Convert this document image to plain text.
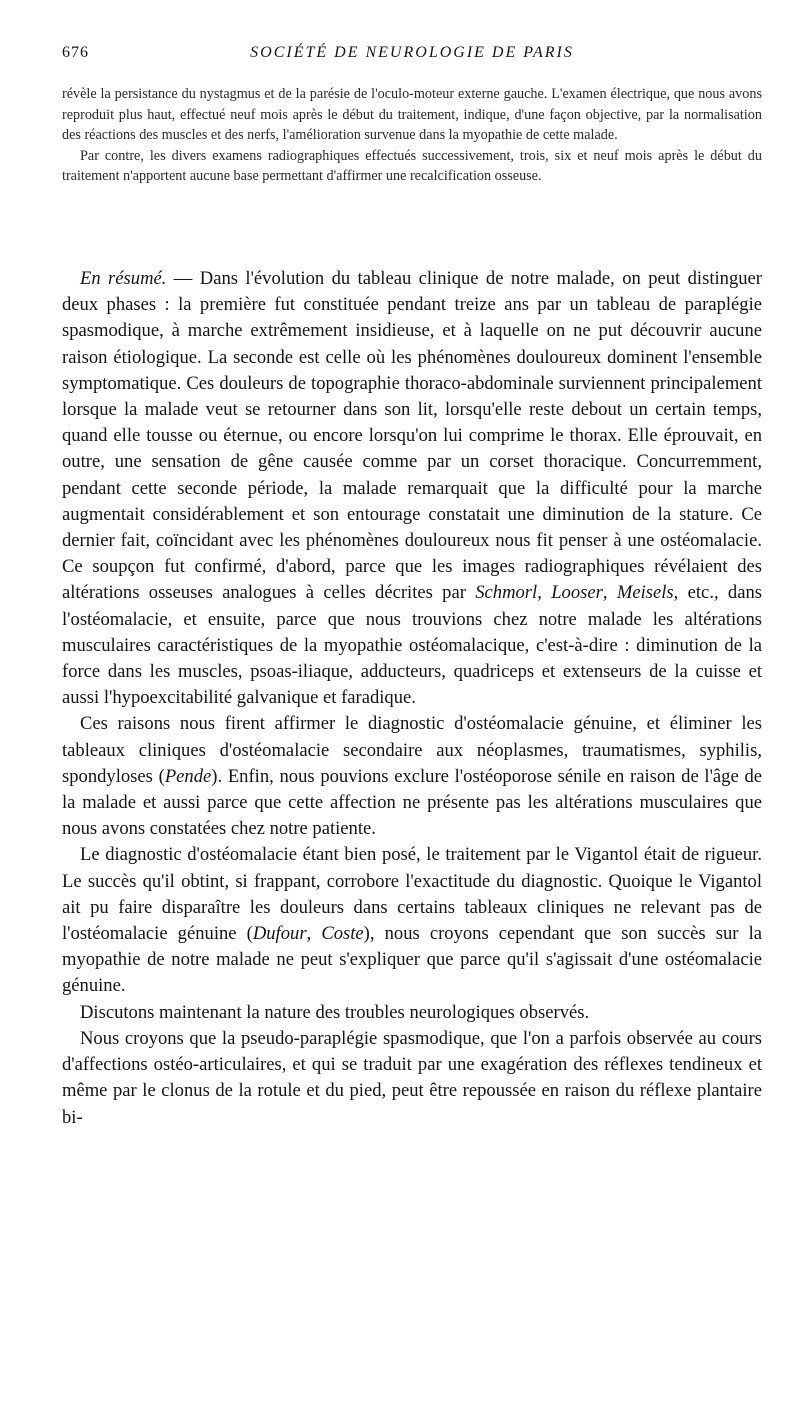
676	SOCIÉTÉ DE NEUROLOGIE DE PARIS

révèle la persistance du nystagmus et de la parésie de l'oculo-moteur externe gauche. L'examen électrique, que nous avons reproduit plus haut, effectué neuf mois après le début du traitement, indique, d'une façon objective, par la normalisation des réactions des muscles et des nerfs, l'amélioration survenue dans la myopathie de cette malade.

Par contre, les divers examens radiographiques effectués successivement, trois, six et neuf mois après le début du traitement n'apportent aucune base permettant d'affirmer une recalcification osseuse.

En résumé. — Dans l'évolution du tableau clinique de notre malade, on peut distinguer deux phases : la première fut constituée pendant treize ans par un tableau de paraplégie spasmodique, à marche extrêmement insidieuse, et à laquelle on ne put découvrir aucune raison étiologique. La seconde est celle où les phénomènes douloureux dominent l'ensemble symptomatique. Ces douleurs de topographie thoraco-abdominale surviennent principalement lorsque la malade veut se retourner dans son lit, lorsqu'elle reste debout un certain temps, quand elle tousse ou éternue, ou encore lorsqu'on lui comprime le thorax. Elle éprouvait, en outre, une sensation de gêne causée comme par un corset thoracique. Concurremment, pendant cette seconde période, la malade remarquait que la difficulté pour la marche augmentait considérablement et son entourage constatait une diminution de la stature. Ce dernier fait, coïncidant avec les phénomènes douloureux nous fit penser à une ostéomalacie. Ce soupçon fut confirmé, d'abord, parce que les images radiographiques révélaient des altérations osseuses analogues à celles décrites par Schmorl, Looser, Meisels, etc., dans l'ostéomalacie, et ensuite, parce que nous trouvions chez notre malade les altérations musculaires caractéristiques de la myopathie ostéomalacique, c'est-à-dire : diminution de la force dans les muscles, psoas-iliaque, adducteurs, quadriceps et extenseurs de la cuisse et aussi l'hypoexcitabilité galvanique et faradique.

Ces raisons nous firent affirmer le diagnostic d'ostéomalacie génuine, et éliminer les tableaux cliniques d'ostéomalacie secondaire aux néoplasmes, traumatismes, syphilis, spondyloses (Pende). Enfin, nous pouvions exclure l'ostéoporose sénile en raison de l'âge de la malade et aussi parce que cette affection ne présente pas les altérations musculaires que nous avons constatées chez notre patiente.

Le diagnostic d'ostéomalacie étant bien posé, le traitement par le Vigantol était de rigueur. Le succès qu'il obtint, si frappant, corrobore l'exactitude du diagnostic. Quoique le Vigantol ait pu faire disparaître les douleurs dans certains tableaux cliniques ne relevant pas de l'ostéomalacie génuine (Dufour, Coste), nous croyons cependant que son succès sur la myopathie de notre malade ne peut s'expliquer que parce qu'il s'agissait d'une ostéomalacie génuine.

Discutons maintenant la nature des troubles neurologiques observés.

Nous croyons que la pseudo-paraplégie spasmodique, que l'on a parfois observée au cours d'affections ostéo-articulaires, et qui se traduit par une exagération des réflexes tendineux et même par le clonus de la rotule et du pied, peut être repoussée en raison du réflexe plantaire bi-
